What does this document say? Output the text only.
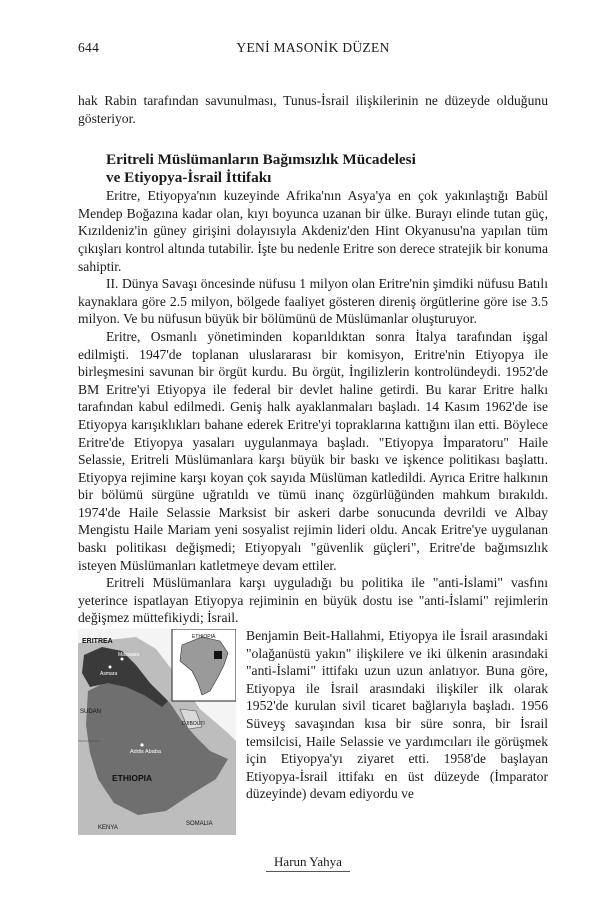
644	YENİ MASONİK DÜZEN

hak Rabin tarafından savunulması, Tunus-İsrail ilişkilerinin ne düzeyde olduğunu gösteriyor.

Eritreli Müslümanların Bağımsızlık Mücadelesi
ve Etiyopya-İsrail İttifakı

Eritre, Etiyopya'nın kuzeyinde Afrika'nın Asya'ya en çok yakınlaştığı Babül Mendep Boğazına kadar olan, kıyı boyunca uzanan bir ülke. Burayı elinde tutan güç, Kızıldeniz'in güney girişini dolayısıyla Akdeniz'den Hint Okyanusu'na yapılan tüm çıkışları kontrol altında tutabilir. İşte bu nedenle Eritre son derece stratejik bir konuma sahiptir.

II. Dünya Savaşı öncesinde nüfusu 1 milyon olan Eritre'nin şimdiki nüfusu Batılı kaynaklara göre 2.5 milyon, bölgede faaliyet gösteren direniş örgütlerine göre ise 3.5 milyon. Ve bu nüfusun büyük bir bölümünü de Müslümanlar oluşturuyor.

Eritre, Osmanlı yönetiminden koparıldıktan sonra İtalya tarafından işgal edilmişti. 1947'de toplanan uluslararası bir komisyon, Eritre'nin Etiyopya ile birleşmesini savunan bir örgüt kurdu. Bu örgüt, İngilizlerin kontrolündeydi. 1952'de BM Eritre'yi Etiyopya ile federal bir devlet haline getirdi. Bu karar Eritre halkı tarafından kabul edilmedi. Geniş halk ayaklanmaları başladı. 14 Kasım 1962'de ise Etiyopya karışıklıkları bahane ederek Eritre'yi topraklarına kattığını ilan etti. Böylece Eritre'de Etiyopya yasaları uygulanmaya başladı. "Etiyopya İmparatoru" Haile Selassie, Eritreli Müslümanlara karşı büyük bir baskı ve işkence politikası başlattı. Etiyopya rejimine karşı koyan çok sayıda Müslüman katledildi. Ayrıca Eritre halkının bir bölümü sürgüne uğratıldı ve tümü inanç özgürlüğünden mahkum bırakıldı. 1974'de Haile Selassie Marksist bir askeri darbe sonucunda devrildi ve Albay Mengistu Haile Mariam yeni sosyalist rejimin lideri oldu. Ancak Eritre'ye uygulanan baskı politikası değişmedi; Etiyopyalı "güvenlik güçleri", Eritre'de bağımsızlık isteyen Müslümanları katletmeye devam ettiler.

Eritreli Müslümanlara karşı uyguladığı bu politika ile "anti-İslami" vasfını yeterince ispatlayan Etiyopya rejiminin en büyük dostu ise "anti-İslami" rejimlerin değişmez müttefikiydi; İsrail.

ETHIOPIA
ERITREA
Massawa
Asmara
SUDAN
DJIBOUTI
Addis Ababa
ETHIOPIA
KENYA
SOMALIA

Benjamin Beit-Hallahmi, Etiyopya ile İsrail arasındaki "olağanüstü yakın" ilişkilere ve iki ülkenin arasındaki "anti-İslami" ittifakı uzun uzun anlatıyor. Buna göre, Etiyopya ile İsrail arasındaki ilişkiler ilk olarak 1952'de kurulan sivil ticaret bağlarıyla başladı. 1956 Süveyş savaşından kısa bir süre sonra, bir İsrail temsilcisi, Haile Selassie ve yardımcıları ile görüşmek için Etiyopya'yı ziyaret etti. 1958'de başlayan Etiyopya-İsrail ittifakı en üst düzeyde (İmparator düzeyinde) devam ediyordu ve

Harun Yahya
